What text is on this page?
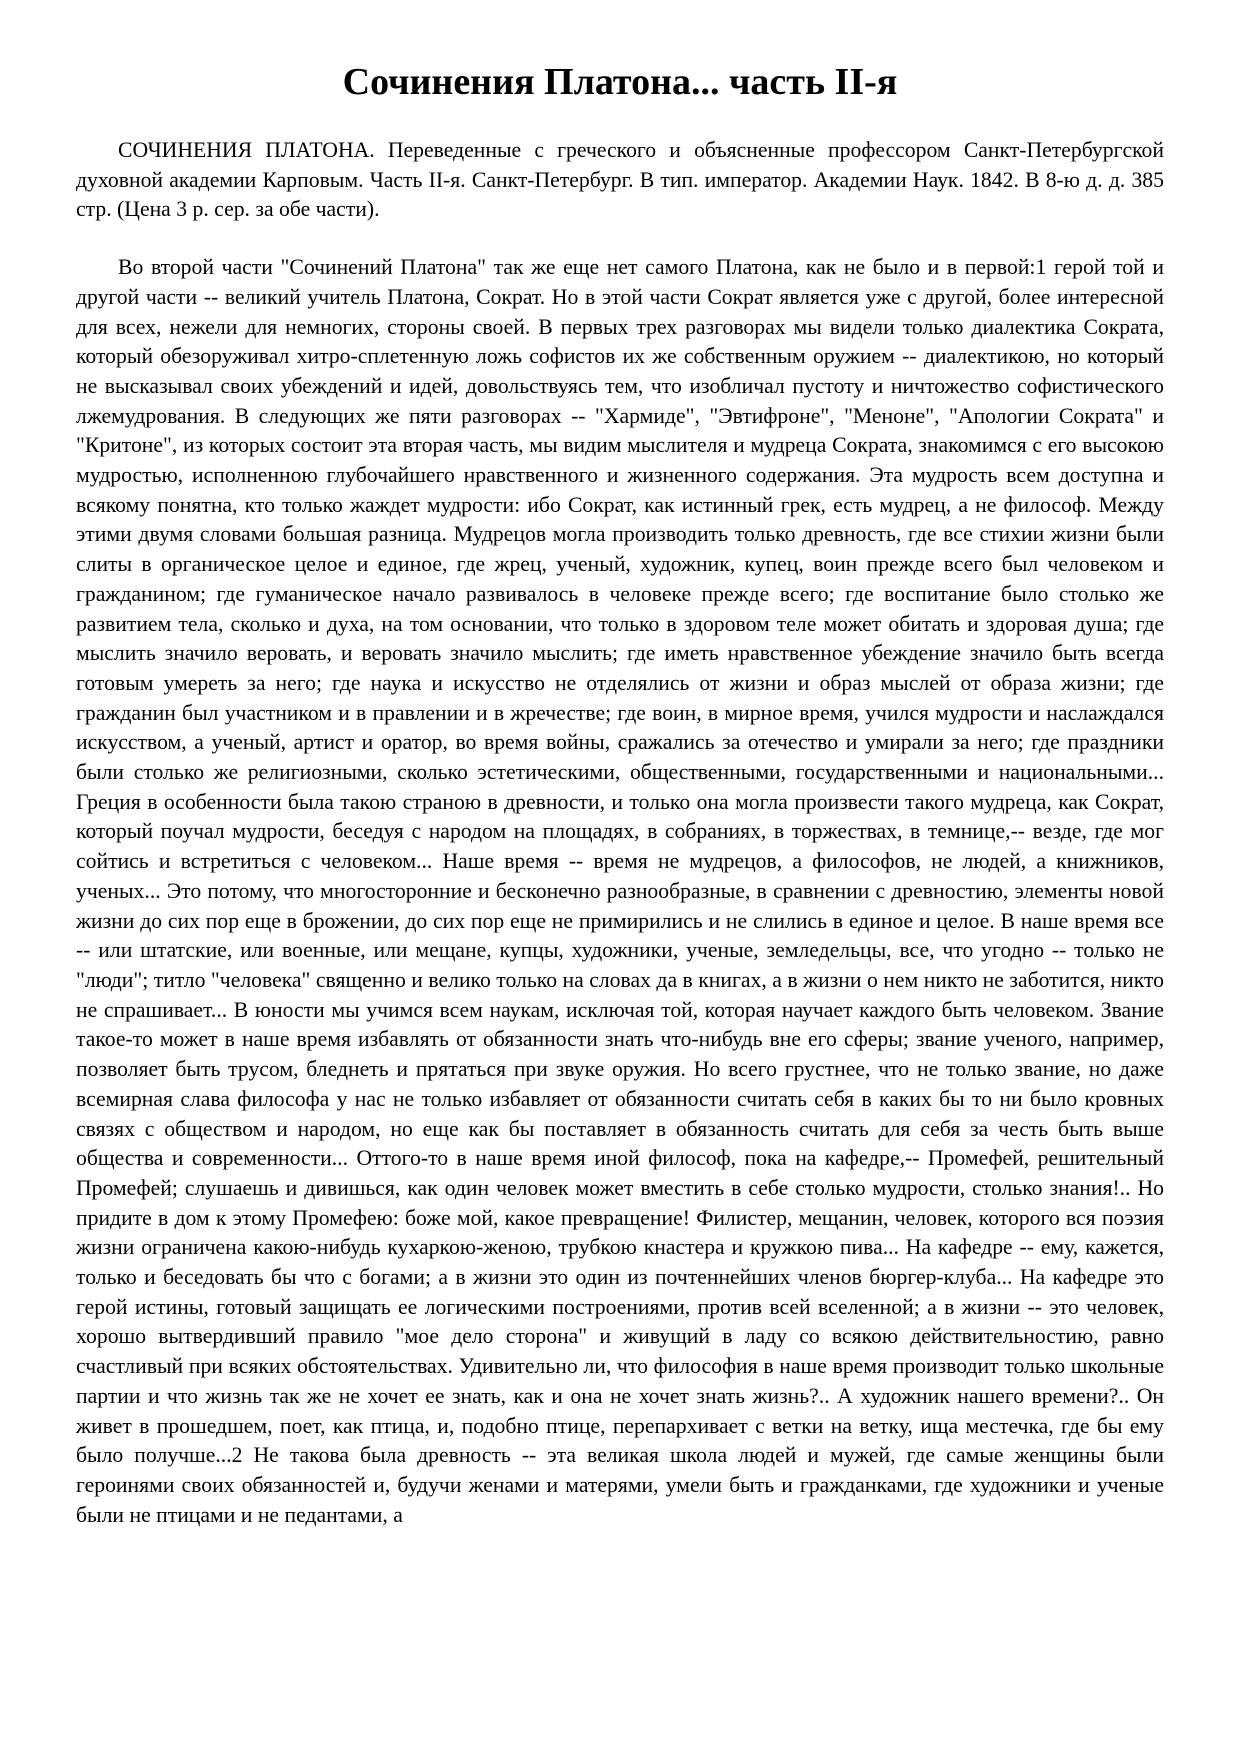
Сочинения Платона... часть II-я

СОЧИНЕНИЯ ПЛАТОНА. Переведенные с греческого и объясненные профессором Санкт-Петербургской духовной академии Карповым. Часть II-я. Санкт-Петербург. В тип. император. Академии Наук. 1842. В 8-ю д. д. 385 стр. (Цена 3 р. сер. за обе части).

Во второй части "Сочинений Платона" так же еще нет самого Платона, как не было и в первой:1 герой той и другой части -- великий учитель Платона, Сократ. Но в этой части Сократ является уже с другой, более интересной для всех, нежели для немногих, стороны своей. В первых трех разговорах мы видели только диалектика Сократа, который обезоруживал хитро-сплетенную ложь софистов их же собственным оружием -- диалектикою, но который не высказывал своих убеждений и идей, довольствуясь тем, что изобличал пустоту и ничтожество софистического лжемудрования. В следующих же пяти разговорах -- "Хармиде", "Эвтифроне", "Меноне", "Апологии Сократа" и "Критоне", из которых состоит эта вторая часть, мы видим мыслителя и мудреца Сократа, знакомимся с его высокою мудростью, исполненною глубочайшего нравственного и жизненного содержания. Эта мудрость всем доступна и всякому понятна, кто только жаждет мудрости: ибо Сократ, как истинный грек, есть мудрец, а не философ. Между этими двумя словами большая разница. Мудрецов могла производить только древность, где все стихии жизни были слиты в органическое целое и единое, где жрец, ученый, художник, купец, воин прежде всего был человеком и гражданином; где гуманическое начало развивалось в человеке прежде всего; где воспитание было столько же развитием тела, сколько и духа, на том основании, что только в здоровом теле может обитать и здоровая душа; где мыслить значило веровать, и веровать значило мыслить; где иметь нравственное убеждение значило быть всегда готовым умереть за него; где наука и искусство не отделялись от жизни и образ мыслей от образа жизни; где гражданин был участником и в правлении и в жречестве; где воин, в мирное время, учился мудрости и наслаждался искусством, а ученый, артист и оратор, во время войны, сражались за отечество и умирали за него; где праздники были столько же религиозными, сколько эстетическими, общественными, государственными и национальными... Греция в особенности была такою страною в древности, и только она могла произвести такого мудреца, как Сократ, который поучал мудрости, беседуя с народом на площадях, в собраниях, в торжествах, в темнице,-- везде, где мог сойтись и встретиться с человеком... Наше время -- время не мудрецов, а философов, не людей, а книжников, ученых... Это потому, что многосторонние и бесконечно разнообразные, в сравнении с древностию, элементы новой жизни до сих пор еще в брожении, до сих пор еще не примирились и не слились в единое и целое. В наше время все -- или штатские, или военные, или мещане, купцы, художники, ученые, земледельцы, все, что угодно -- только не "люди"; титло "человека" священно и велико только на словах да в книгах, а в жизни о нем никто не заботится, никто не спрашивает... В юности мы учимся всем наукам, исключая той, которая научает каждого быть человеком. Звание такое-то может в наше время избавлять от обязанности знать что-нибудь вне его сферы; звание ученого, например, позволяет быть трусом, бледнеть и прятаться при звуке оружия. Но всего грустнее, что не только звание, но даже всемирная слава философа у нас не только избавляет от обязанности считать себя в каких бы то ни было кровных связях с обществом и народом, но еще как бы поставляет в обязанность считать для себя за честь быть выше общества и современности... Оттого-то в наше время иной философ, пока на кафедре,-- Промефей, решительный Промефей; слушаешь и дивишься, как один человек может вместить в себе столько мудрости, столько знания!.. Но придите в дом к этому Промефею: боже мой, какое превращение! Филистер, мещанин, человек, которого вся поэзия жизни ограничена какою-нибудь кухаркою-женою, трубкою кнастера и кружкою пива... На кафедре -- ему, кажется, только и беседовать бы что с богами; а в жизни это один из почтеннейших членов бюргер-клуба... На кафедре это герой истины, готовый защищать ее логическими построениями, против всей вселенной; а в жизни -- это человек, хорошо вытвердивший правило "мое дело сторона" и живущий в ладу со всякою действительностию, равно счастливый при всяких обстоятельствах. Удивительно ли, что философия в наше время производит только школьные партии и что жизнь так же не хочет ее знать, как и она не хочет знать жизнь?.. А художник нашего времени?.. Он живет в прошедшем, поет, как птица, и, подобно птице, перепархивает с ветки на ветку, ища местечка, где бы ему было получше...2 Не такова была древность -- эта великая школа людей и мужей, где самые женщины были героинями своих обязанностей и, будучи женами и матерями, умели быть и гражданками, где художники и ученые были не птицами и не педантами, а
